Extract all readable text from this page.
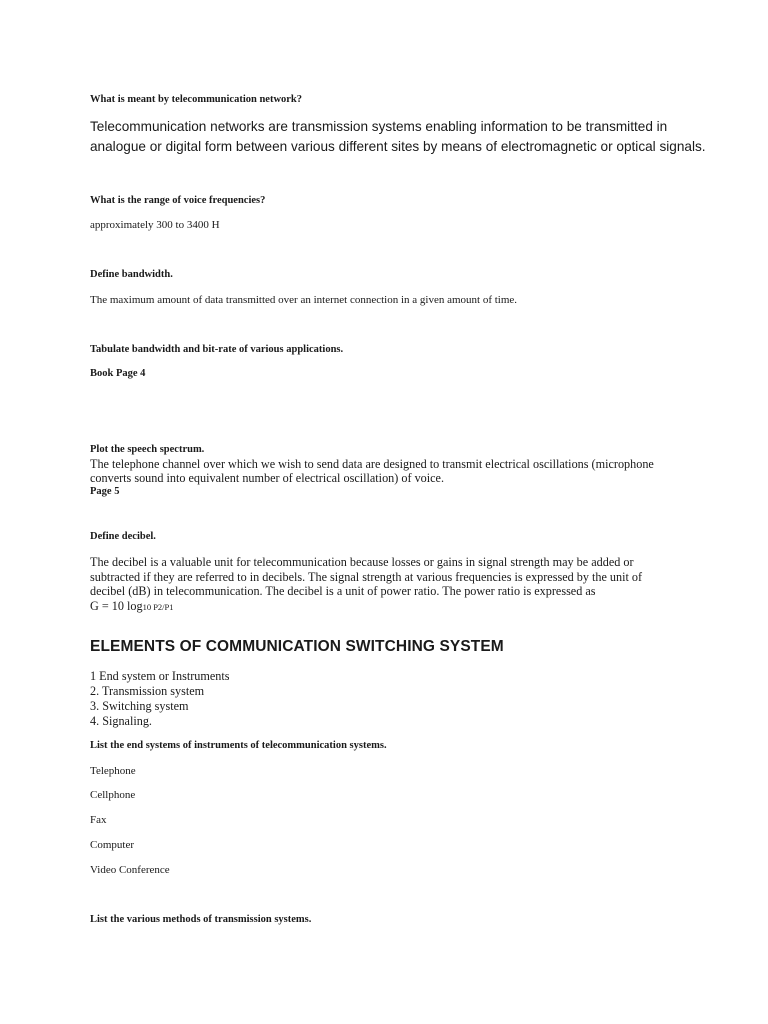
What is meant by telecommunication network?

Telecommunication networks are transmission systems enabling information to be transmitted in

analogue or digital form between various different sites by means of electromagnetic or optical signals.

What is the range of voice frequencies?

approximately 300 to 3400 H

Define bandwidth.

The maximum amount of data transmitted over an internet connection in a given amount of time.

Tabulate bandwidth and bit-rate of various applications.

Book Page 4

Plot the speech spectrum.

The telephone channel over which we wish to send data are designed to transmit electrical oscillations (microphone

converts sound into equivalent number of electrical oscillation) of voice.

Page 5

Define decibel.

The decibel is a valuable unit for telecommunication because losses or gains in signal strength may be added or

subtracted if they are referred to in decibels. The signal strength at various frequencies is expressed by the unit of

decibel (dB) in telecommunication. The decibel is a unit of power ratio. The power ratio is expressed as

G = 10 log10 P2/P1

ELEMENTS OF COMMUNICATION SWITCHING SYSTEM

1 End system or Instruments
2. Transmission system
3. Switching system
4. Signaling.

List the end systems of instruments of telecommunication systems.

Telephone

Cellphone

Fax

Computer

Video Conference

List the various methods of transmission systems.
